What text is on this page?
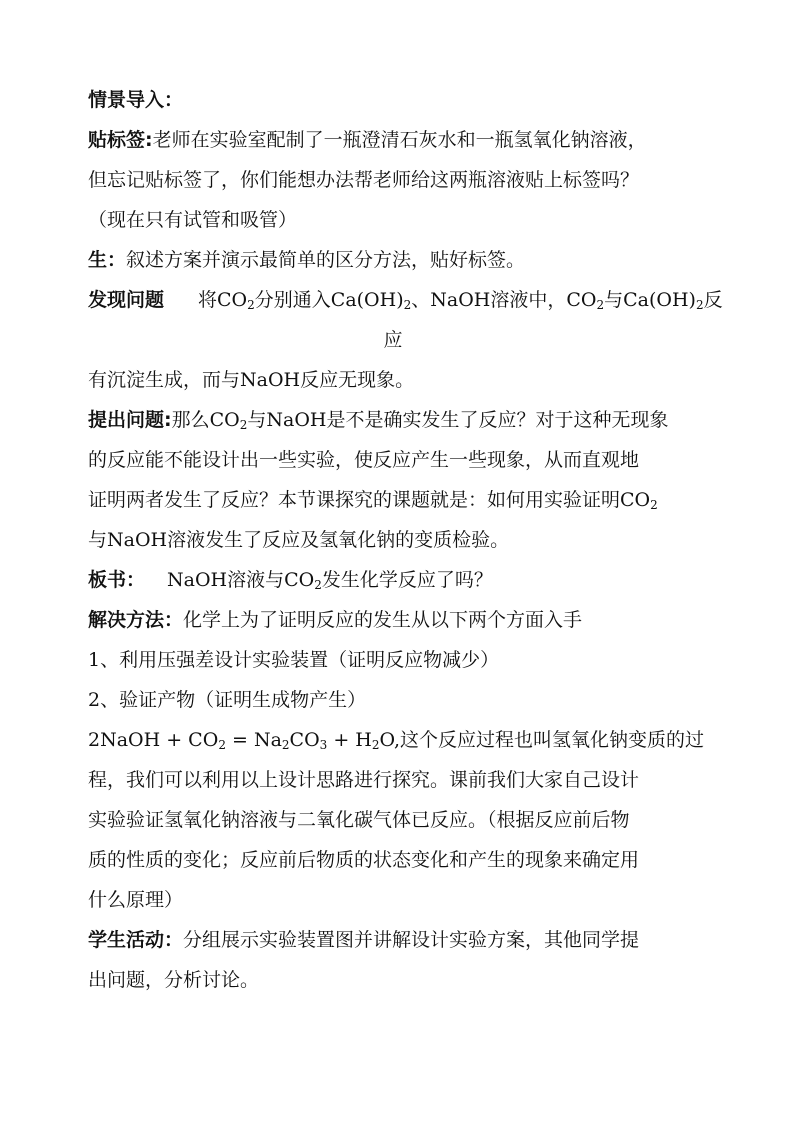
情景导入：
贴标签:老师在实验室配制了一瓶澄清石灰水和一瓶氢氧化钠溶液，
但忘记贴标签了，你们能想办法帮老师给这两瓶溶液贴上标签吗？
（现在只有试管和吸管）
生：叙述方案并演示最简单的区分方法，贴好标签。
发现问题 将$CO_2$分别通入$Ca(OH)_2$、NaOH溶液中，$CO_2$与$Ca(OH)_2$反
应
有沉淀生成，而与NaOH反应无现象。
提出问题:那么$CO_2$与NaOH是不是确实发生了反应？对于这种无现象
的反应能不能设计出一些实验，使反应产生一些现象，从而直观地
证明两者发生了反应？本节课探究的课题就是：如何用实验证明$CO_2$
与NaOH溶液发生了反应及氢氧化钠的变质检验。
板书： NaOH溶液与$CO_2$发生化学反应了吗？
解决方法：化学上为了证明反应的发生从以下两个方面入手
1、利用压强差设计实验装置（证明反应物减少）
2、验证产物（证明生成物产生）
2NaOH + $CO_2 = Na_2CO_3 + H_2O$,这个反应过程也叫氢氧化钠变质的过
程，我们可以利用以上设计思路进行探究。课前我们大家自己设计
实验验证氢氧化钠溶液与二氧化碳气体已反应。（根据反应前后物
质的性质的变化；反应前后物质的状态变化和产生的现象来确定用
什么原理）
学生活动：分组展示实验装置图并讲解设计实验方案，其他同学提
出问题，分析讨论。
